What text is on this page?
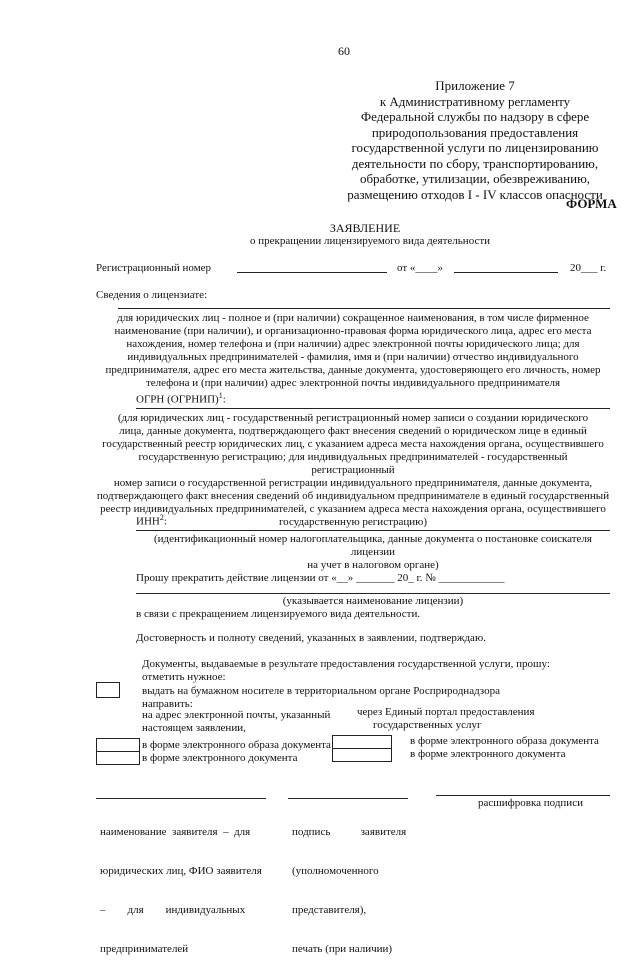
60
Приложение 7
к Административному регламенту
Федеральной службы по надзору в сфере
природопользования предоставления
государственной услуги по лицензированию
деятельности по сбору, транспортированию,
обработке, утилизации, обезвреживанию,
размещению отходов I - IV классов опасности
ФОРМА
ЗАЯВЛЕНИЕ
о прекращении лицензируемого вида деятельности
Регистрационный номер	от «____»	20___ г.
Сведения о лицензиате:
для юридических лиц - полное и (при наличии) сокращенное наименования, в том числе фирменное
наименование (при наличии), и организационно-правовая форма юридического лица, адрес его места
нахождения, номер телефона и (при наличии) адрес электронной почты юридического лица; для
индивидуальных предпринимателей - фамилия, имя и (при наличии) отчество индивидуального
предпринимателя, адрес его места жительства, данные документа, удостоверяющего его личность, номер
телефона и (при наличии) адрес электронной почты индивидуального предпринимателя
ОГРН (ОГРНИП)$^1$:
(для юридических лиц - государственный регистрационный номер записи о создании юридического
лица, данные документа, подтверждающего факт внесения сведений о юридическом лице в единый
государственный реестр юридических лиц, с указанием адреса места нахождения органа, осуществившего
государственную регистрацию; для индивидуальных предпринимателей - государственный регистрационный
номер записи о государственной регистрации индивидуального предпринимателя, данные документа,
подтверждающего факт внесения сведений об индивидуальном предпринимателе в единый государственный
реестр индивидуальных предпринимателей, с указанием адреса места нахождения органа, осуществившего
государственную регистрацию)
ИНН$^2$:
(идентификационный номер налогоплательщика, данные документа о постановке соискателя лицензии
на учет в налоговом органе)
Прошу прекратить действие лицензии от «__» _______ 20_ г. № ____________
(указывается наименование лицензии)
в связи с прекращением лицензируемого вида деятельности.
Достоверность и полноту сведений, указанных в заявлении, подтверждаю.
Документы, выдаваемые в результате предоставления государственной услуги, прошу:
отметить нужное:
выдать на бумажном носителе в территориальном органе Росприроднадзора
направить:
на адрес электронной почты, указанный
настоящем заявлении,
через Единый портал предоставления
государственных услуг
в форме электронного образа документа
в форме электронного документа
в форме электронного образа документа
в форме электронного документа

наименование  заявителя  –  для

юридических лиц, ФИО заявителя

–        для        индивидуальных

предпринимателей

подпись           заявителя

(уполномоченного

представителя),

печать (при наличии)

расшифровка подписи
